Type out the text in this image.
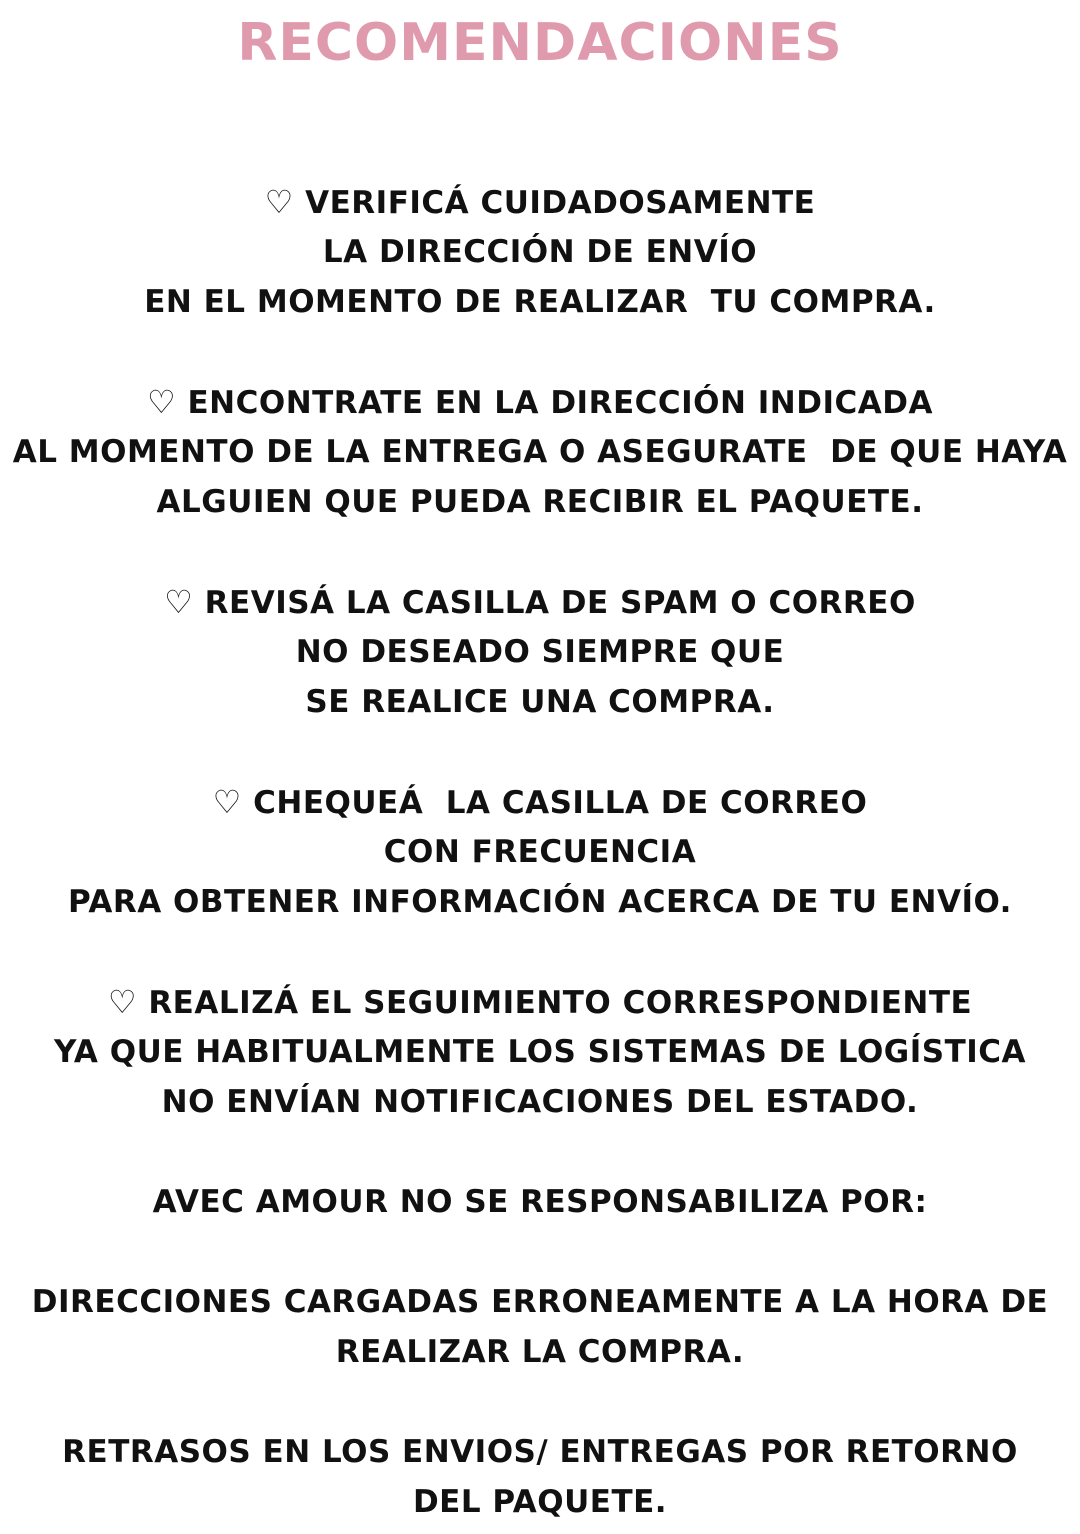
RECOMENDACIONES
♡ VERIFICÁ CUIDADOSAMENTE
LA DIRECCIÓN DE ENVÍO
EN EL MOMENTO DE REALIZAR  TU COMPRA.
♡ ENCONTRATE EN LA DIRECCIÓN INDICADA
AL MOMENTO DE LA ENTREGA O ASEGURATE  DE QUE HAYA
ALGUIEN QUE PUEDA RECIBIR EL PAQUETE.
♡ REVISÁ LA CASILLA DE SPAM O CORREO
NO DESEADO SIEMPRE QUE
SE REALICE UNA COMPRA.
♡ CHEQUEÁ  LA CASILLA DE CORREO
CON FRECUENCIA
PARA OBTENER INFORMACIÓN ACERCA DE TU ENVÍO.
♡ REALIZÁ EL SEGUIMIENTO CORRESPONDIENTE
YA QUE HABITUALMENTE LOS SISTEMAS DE LOGÍSTICA
NO ENVÍAN NOTIFICACIONES DEL ESTADO.
AVEC AMOUR NO SE RESPONSABILIZA POR:
DIRECCIONES CARGADAS ERRONEAMENTE A LA HORA DE
REALIZAR LA COMPRA.
RETRASOS EN LOS ENVIOS/ ENTREGAS POR RETORNO
DEL PAQUETE.
